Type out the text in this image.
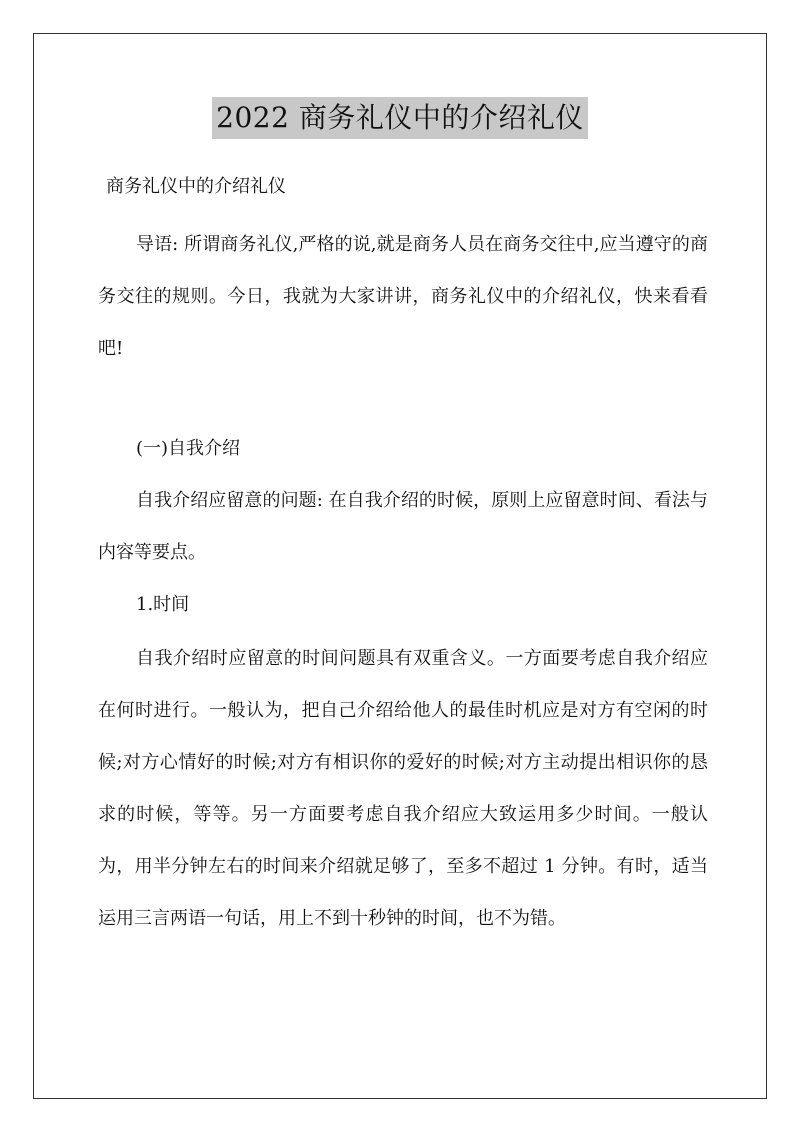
2022 商务礼仪中的介绍礼仪
商务礼仪中的介绍礼仪
导语: 所谓商务礼仪,严格的说,就是商务人员在商务交往中,应当遵守的商务交往的规则。今日，我就为大家讲讲，商务礼仪中的介绍礼仪，快来看看吧!
(一)自我介绍
自我介绍应留意的问题: 在自我介绍的时候，原则上应留意时间、看法与内容等要点。
1.时间
自我介绍时应留意的时间问题具有双重含义。一方面要考虑自我介绍应在何时进行。一般认为，把自己介绍给他人的最佳时机应是对方有空闲的时候;对方心情好的时候;对方有相识你的爱好的时候;对方主动提出相识你的恳求的时候，等等。另一方面要考虑自我介绍应大致运用多少时间。一般认为，用半分钟左右的时间来介绍就足够了，至多不超过 1 分钟。有时，适当运用三言两语一句话，用上不到十秒钟的时间，也不为错。
